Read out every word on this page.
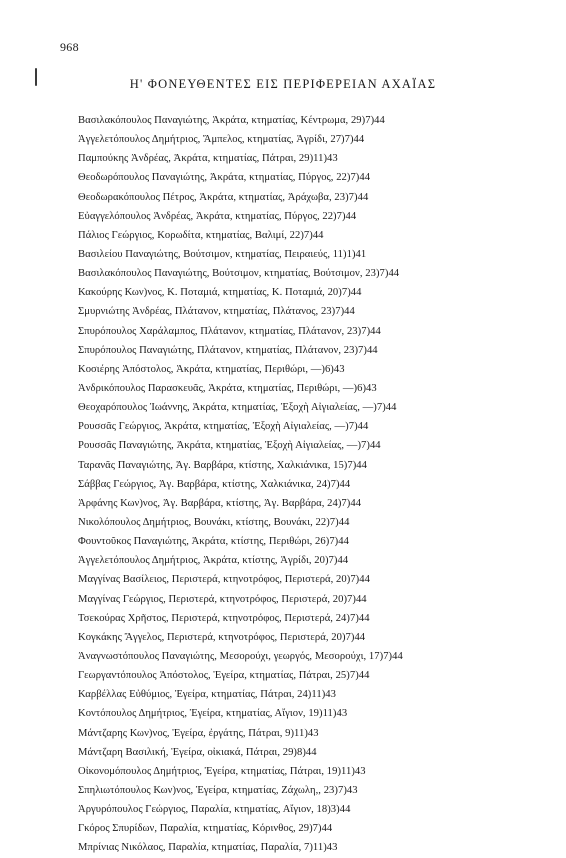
968
Η' ΦΟΝΕΥΘΕΝΤΕΣ ΕΙΣ ΠΕΡΙΦΕΡΕΙΑΝ ΑΧΑΪΑΣ
Βασιλακόπουλος Παναγιώτης, Ἀκράτα, κτηματίας, Κέντρωμα, 29)7)44
Ἀγγελετόπουλος Δημήτριος, Ἄμπελος, κτηματίας, Ἀγρίδι, 27)7)44
Παμπούκης Ἀνδρέας, Ἀκράτα, κτηματίας, Πάτραι, 29)11)43
Θεοδωρόπουλος Παναγιώτης, Ἀκράτα, κτηματίας, Πύργος, 22)7)44
Θεοδωρακόπουλος Πέτρος, Ἀκράτα, κτηματίας, Ἀράχωβα, 23)7)44
Εὐαγγελόπουλος Ἀνδρέας, Ἀκράτα, κτηματίας, Πύργος, 22)7)44
Πάλιος Γεώργιος, Κορωδίτα, κτηματίας, Βαλιμί, 22)7)44
Βασιλείου Παναγιώτης, Βούτσιμον, κτηματίας, Πειραιεύς, 11)1)41
Βασιλακόπουλος Παναγιώτης, Βούτσιμον, κτηματίας, Βούτσιμον, 23)7)44
Κακούρης Κων)νος, Κ. Ποταμιά, κτηματίας, Κ. Ποταμιά, 20)7)44
Σμυρνιώτης Ἀνδρέας, Πλάτανον, κτηματίας, Πλάτανος, 23)7)44
Σπυρόπουλος Χαράλαμπος, Πλάτανον, κτηματίας, Πλάτανον, 23)7)44
Σπυρόπουλος Παναγιώτης, Πλάτανον, κτηματίας, Πλάτανον, 23)7)44
Κοσιέρης Ἀπόστολος, Ἀκράτα, κτηματίας, Περιθώρι, —)6)43
Ἀνδρικόπουλος Παρασκευᾶς, Ἀκράτα, κτηματίας, Περιθώρι, —)6)43
Θεοχαρόπουλος Ἰωάννης, Ἀκράτα, κτηματίας, Ἐξοχὴ Αἰγιαλείας, —)7)44
Ρουσσᾶς Γεώργιος, Ἀκράτα, κτηματίας, Ἐξοχὴ Αἰγιαλείας, —)7)44
Ρουσσᾶς Παναγιώτης, Ἀκράτα, κτηματίας, Ἐξοχὴ Αἰγιαλείας, —)7)44
Ταρανᾶς Παναγιώτης, Ἀγ. Βαρβάρα, κτίστης, Χαλκιάνικα, 15)7)44
Σάββας Γεώργιος, Ἀγ. Βαρβάρα, κτίστης, Χαλκιάνικα, 24)7)44
Ἀρφάνης Κων)νος, Ἀγ. Βαρβάρα, κτίστης, Ἀγ. Βαρβάρα, 24)7)44
Νικολόπουλος Δημήτριος, Βουνάκι, κτίστης, Βουνάκι, 22)7)44
Φουντοῦκος Παναγιώτης, Ἀκράτα, κτίστης, Περιθώρι, 26)7)44
Ἀγγελετόπουλος Δημήτριος, Ἀκράτα, κτίστης, Ἀγρίδι, 20)7)44
Μαγγίνας Βασίλειος, Περιστερά, κτηνοτρόφος, Περιστερά, 20)7)44
Μαγγίνας Γεώργιος, Περιστερά, κτηνοτρόφος, Περιστερά, 20)7)44
Τσεκούρας Χρῆστος, Περιστερά, κτηνοτρόφος, Περιστερά, 24)7)44
Κογκάκης Ἄγγελος, Περιστερά, κτηνοτρόφος, Περιστερά, 20)7)44
Ἀναγνωστόπουλος Παναγιώτης, Μεσορούχι, γεωργός, Μεσορούχι, 17)7)44
Γεωργαντόπουλος Ἀπόστολος, Ἐγείρα, κτηματίας, Πάτραι, 25)7)44
Καρβέλλας Εὐθύμιος, Ἐγείρα, κτηματίας, Πάτραι, 24)11)43
Κοντόπουλος Δημήτριος, Ἐγείρα, κτηματίας, Αἴγιον, 19)11)43
Μάντζαρης Κων)νος, Ἐγείρα, ἐργάτης, Πάτραι, 9)11)43
Μάντζαρη Βασιλική, Ἐγείρα, οἰκιακά, Πάτραι, 29)8)44
Οἰκονομόπουλος Δημήτριος, Ἐγείρα, κτηματίας, Πάτραι, 19)11)43
Σπηλιωτόπουλος Κων)νος, Ἐγείρα, κτηματίας, Ζάχωλη,, 23)7)43
Ἀργυρόπουλος Γεώργιος, Παραλία, κτηματίας, Αἴγιον, 18)3)44
Γκόρος Σπυρίδων, Παραλία, κτηματίας, Κόρινθος, 29)7)44
Μπρίνιας Νικόλαος, Παραλία, κτηματίας, Παραλία, 7)11)43
